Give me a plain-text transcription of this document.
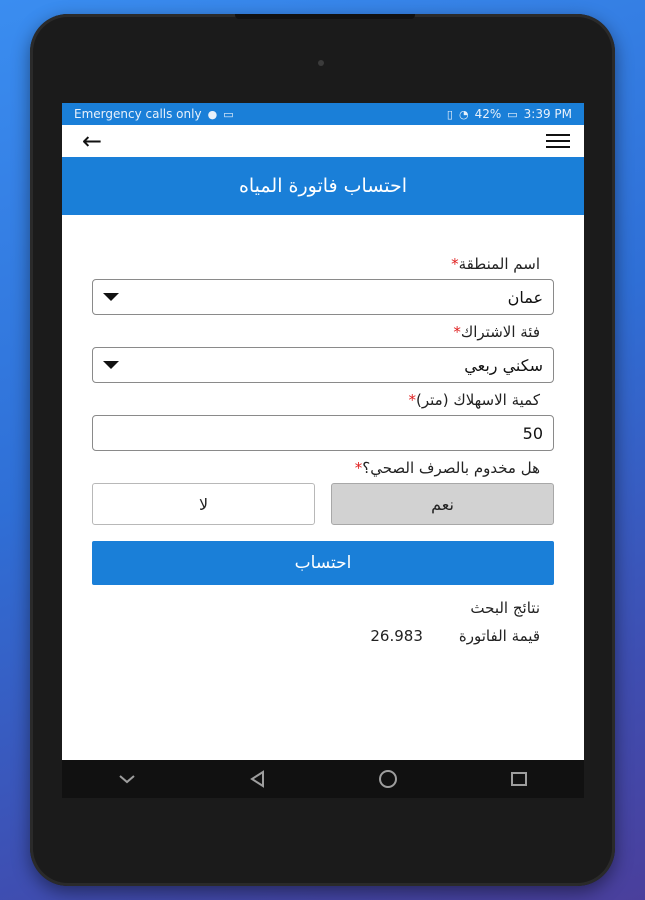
Emergency calls only ● ▭	▯ ◔ 42% ▭ 3:39 PM
←
احتساب فاتورة المياه
اسم المنطقة*
عمان
فئة الاشتراك*
سكني ربعي
كمية الاسهلاك (متر)*
50
هل مخدوم بالصرف الصحي؟*
نعم
لا
احتساب
نتائج البحث
قيمة الفاتورة
26.983
